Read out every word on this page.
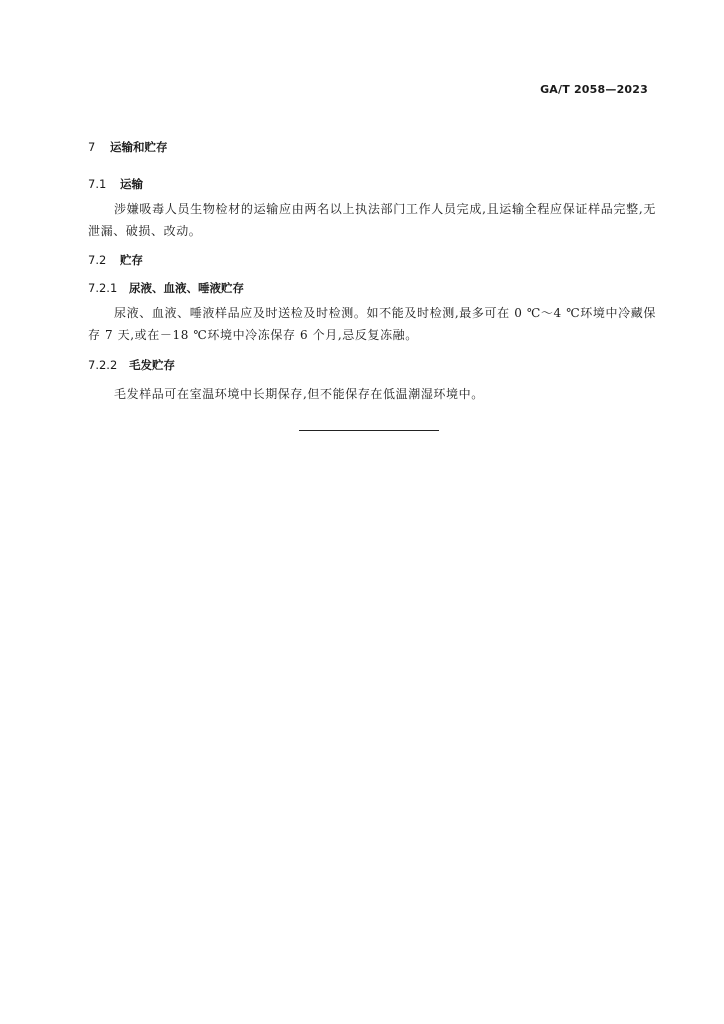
GA/T 2058—2023
7 运输和贮存
7.1 运输

涉嫌吸毒人员生物检材的运输应由两名以上执法部门工作人员完成,且运输全程应保证样品完整,无泄漏、破损、改动。

7.2 贮存
7.2.1 尿液、血液、唾液贮存

尿液、血液、唾液样品应及时送检及时检测。如不能及时检测,最多可在 0 ℃～4 ℃环境中冷藏保存 7 天,或在－18 ℃环境中冷冻保存 6 个月,忌反复冻融。

7.2.2 毛发贮存

毛发样品可在室温环境中长期保存,但不能保存在低温潮湿环境中。
